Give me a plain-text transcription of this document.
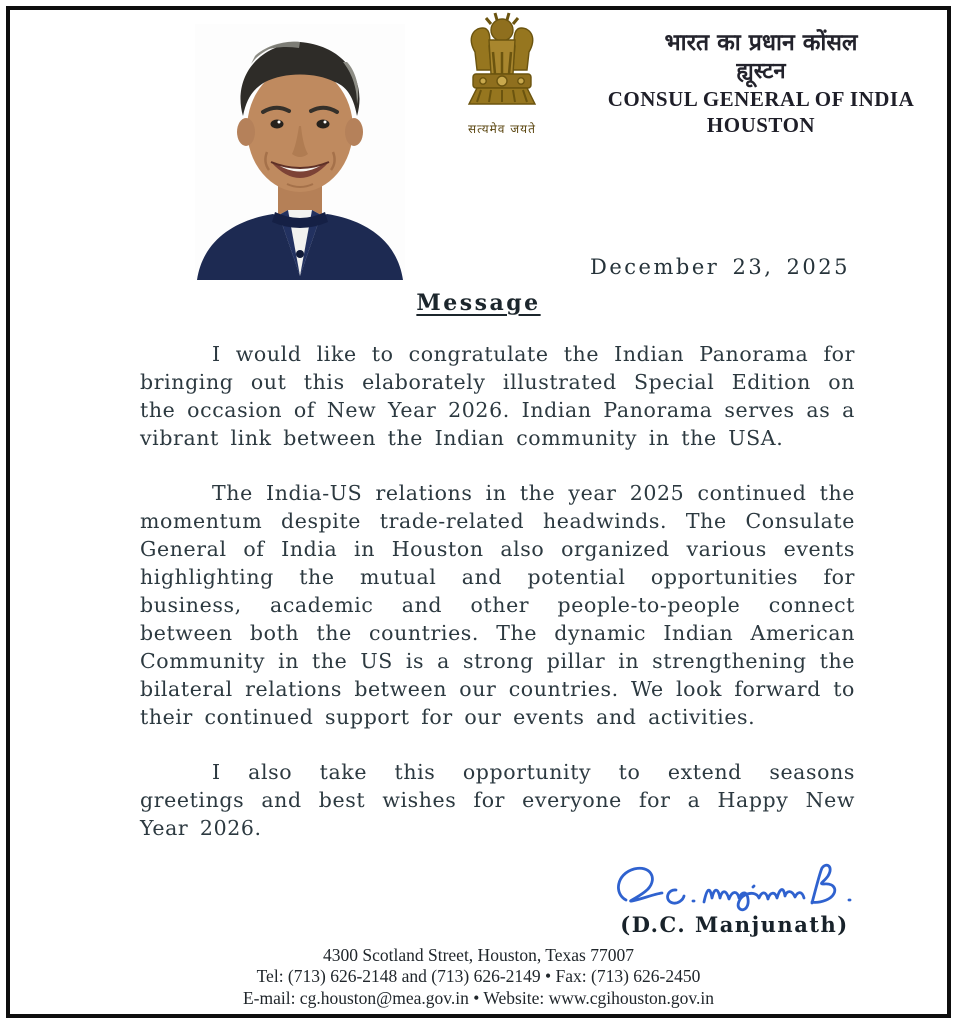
सत्यमेव जयते
भारत का प्रधान कोंसल
ह्यूस्टन
CONSUL GENERAL OF INDIA
HOUSTON
December 23, 2025
Message

I would like to congratulate the Indian Panorama for bringing out this elaborately illustrated Special Edition on the occasion of New Year 2026. Indian Panorama serves as a vibrant link between the Indian community in the USA.

The India-US relations in the year 2025 continued the momentum despite trade-related headwinds. The Consulate General of India in Houston also organized various events highlighting the mutual and potential opportunities for business, academic and other people-to-people connect between both the countries. The dynamic Indian American Community in the US is a strong pillar in strengthening the bilateral relations between our countries. We look forward to their continued support for our events and activities.

I also take this opportunity to extend seasons greetings and best wishes for everyone for a Happy New Year 2026.

(D.C. Manjunath)
4300 Scotland Street, Houston, Texas 77007
Tel: (713) 626-2148 and (713) 626-2149 • Fax: (713) 626-2450
E-mail: cg.houston@mea.gov.in • Website: www.cgihouston.gov.in
